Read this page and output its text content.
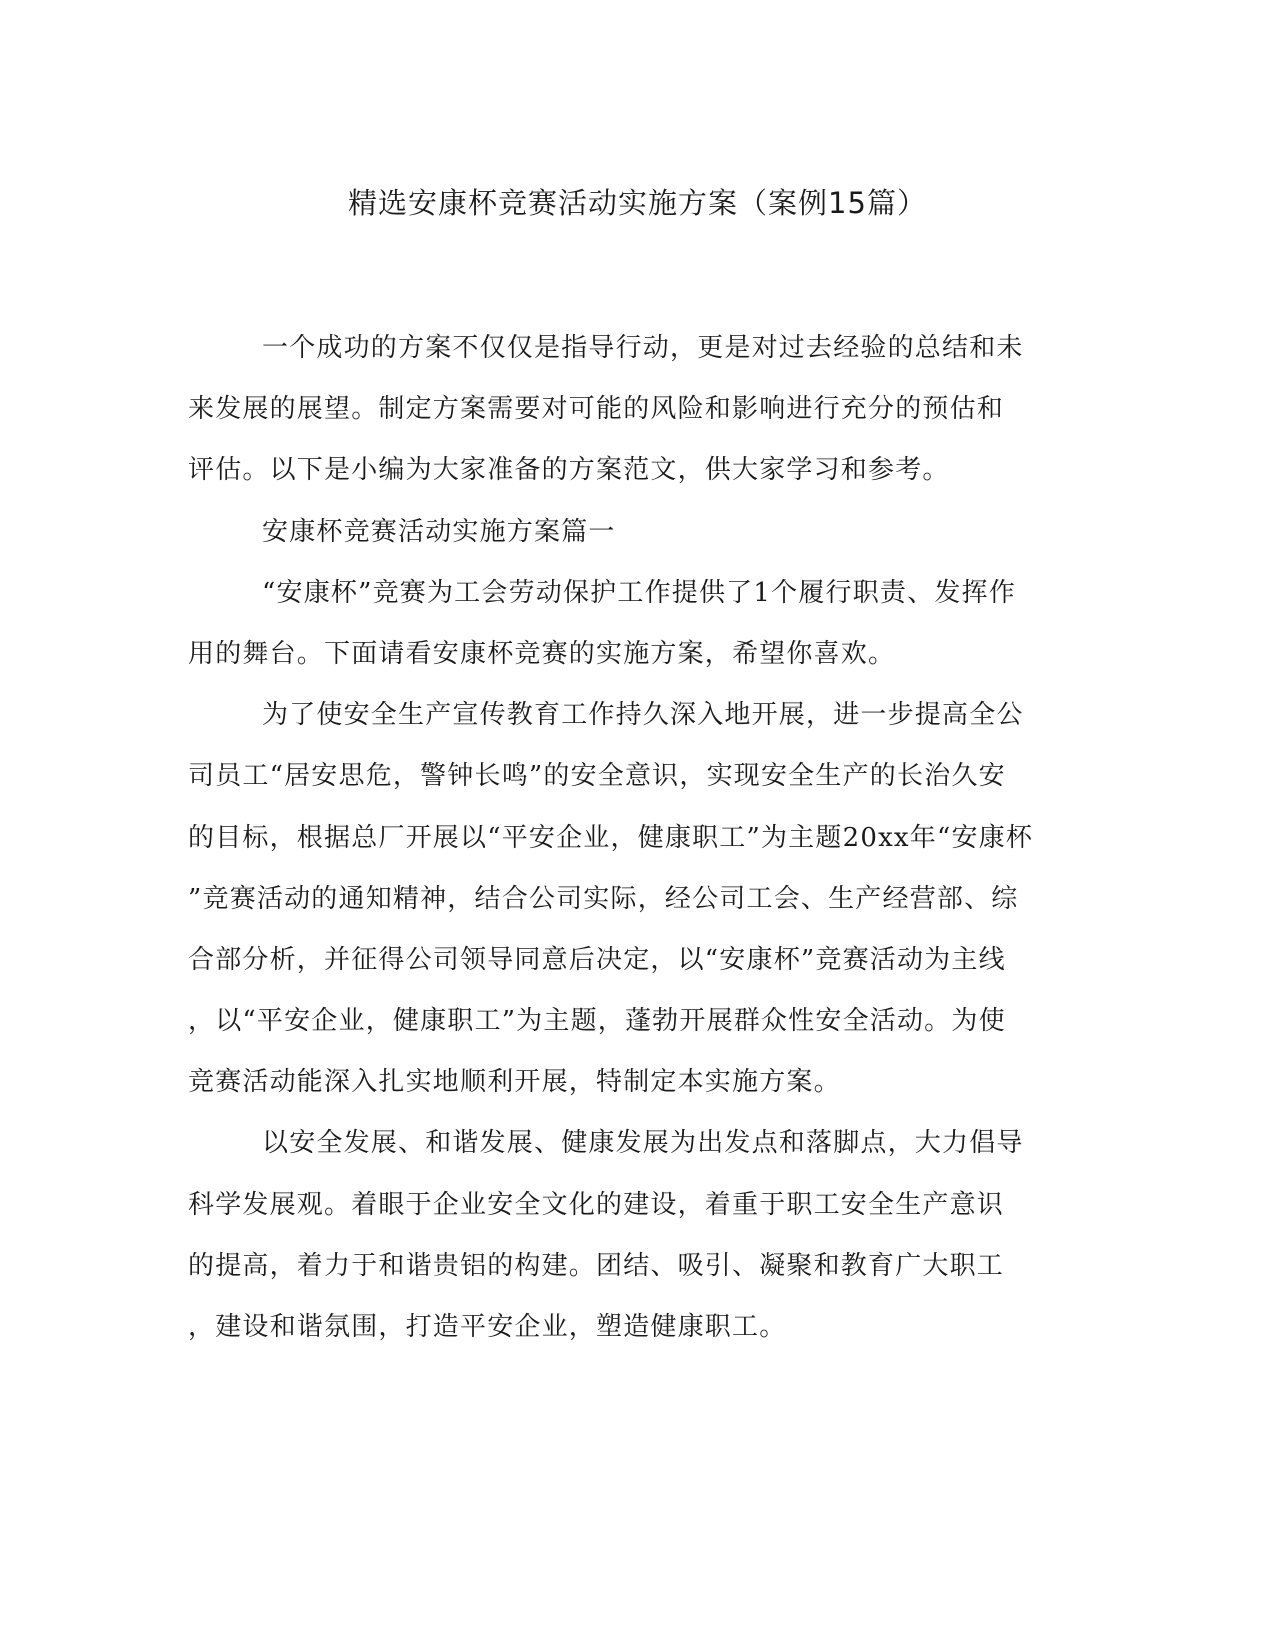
精选安康杯竞赛活动实施方案（案例15篇）
一个成功的方案不仅仅是指导行动，更是对过去经验的总结和未
来发展的展望。制定方案需要对可能的风险和影响进行充分的预估和
评估。以下是小编为大家准备的方案范文，供大家学习和参考。
安康杯竞赛活动实施方案篇一
“安康杯”竞赛为工会劳动保护工作提供了1个履行职责、发挥作
用的舞台。下面请看安康杯竞赛的实施方案，希望你喜欢。
为了使安全生产宣传教育工作持久深入地开展，进一步提高全公
司员工“居安思危，警钟长鸣”的安全意识，实现安全生产的长治久安
的目标，根据总厂开展以“平安企业，健康职工”为主题20xx年“安康杯
”竞赛活动的通知精神，结合公司实际，经公司工会、生产经营部、综
合部分析，并征得公司领导同意后决定，以“安康杯”竞赛活动为主线
，以“平安企业，健康职工”为主题，蓬勃开展群众性安全活动。为使
竞赛活动能深入扎实地顺利开展，特制定本实施方案。
以安全发展、和谐发展、健康发展为出发点和落脚点，大力倡导
科学发展观。着眼于企业安全文化的建设，着重于职工安全生产意识
的提高，着力于和谐贵铝的构建。团结、吸引、凝聚和教育广大职工
，建设和谐氛围，打造平安企业，塑造健康职工。
